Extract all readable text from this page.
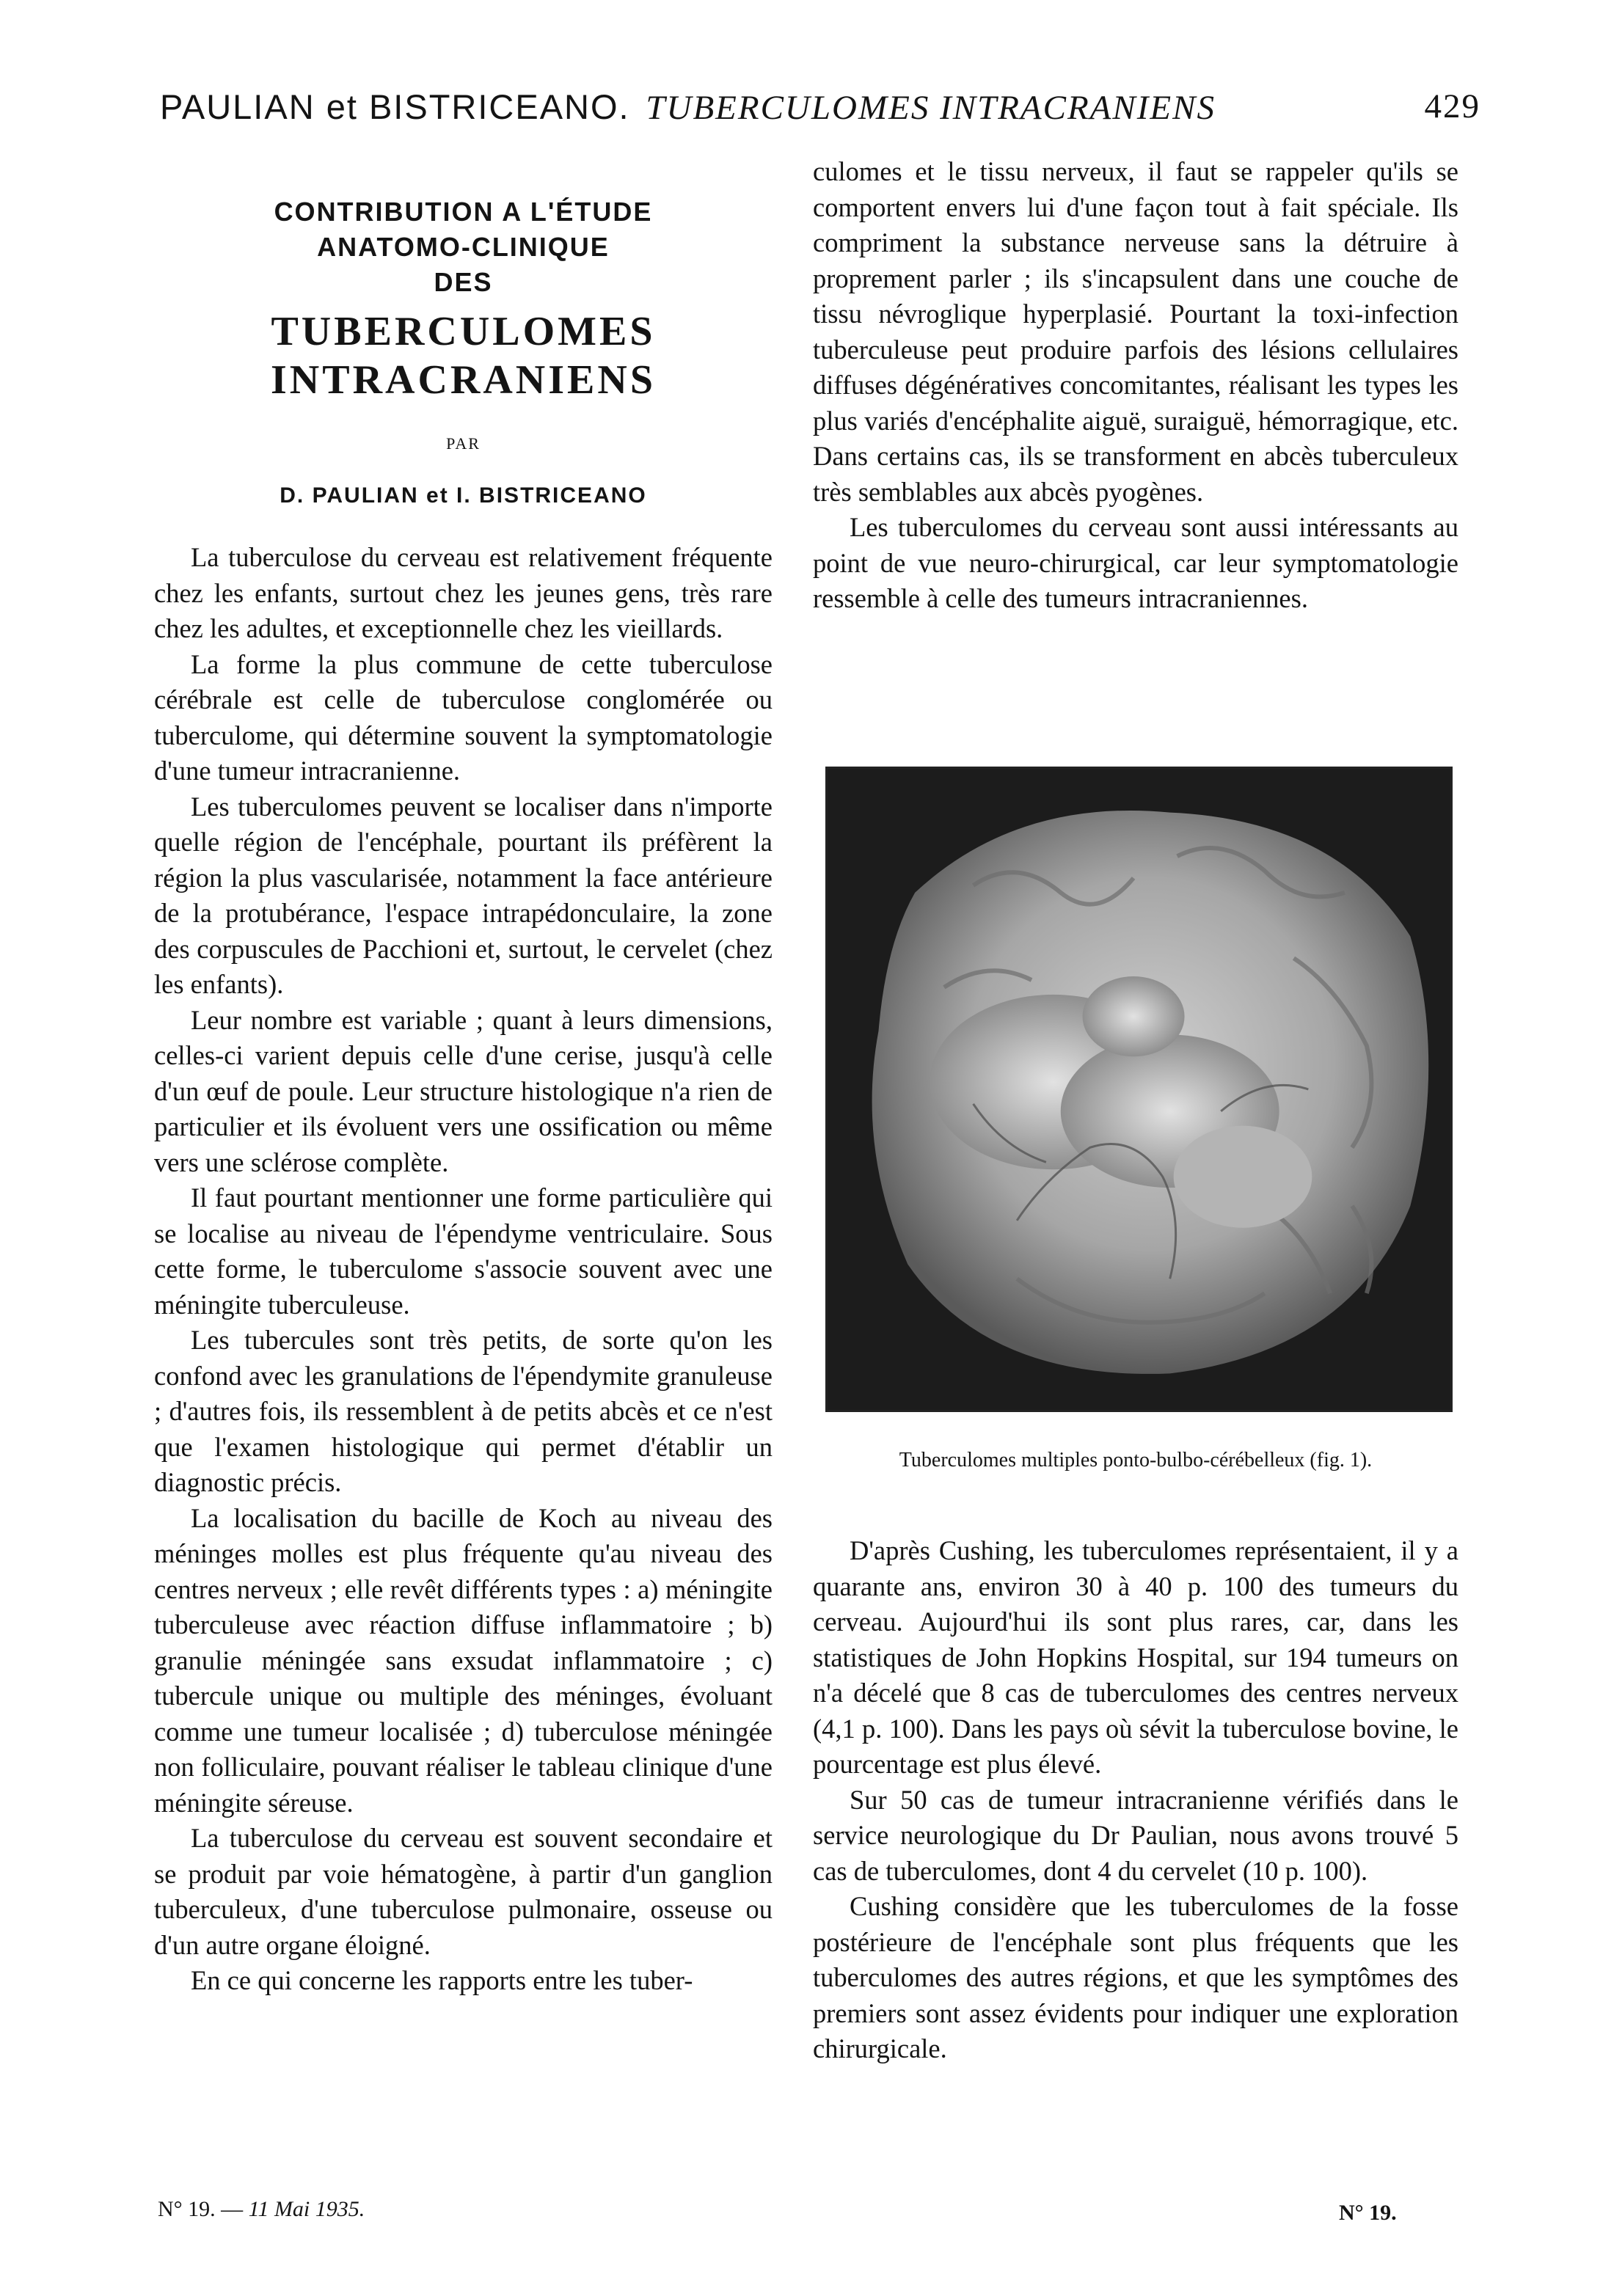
PAULIAN et BISTRICEANO. TUBERCULOMES INTRACRANIENS	429
CONTRIBUTION A L'ÉTUDE
ANATOMO-CLINIQUE
DES
TUBERCULOMES
INTRACRANIENS
PAR
D. PAULIAN et I. BISTRICEANO

La tuberculose du cerveau est relativement fréquente chez les enfants, surtout chez les jeunes gens, très rare chez les adultes, et exceptionnelle chez les vieillards.

La forme la plus commune de cette tuberculose cérébrale est celle de tuberculose conglomérée ou tuberculome, qui détermine souvent la symptomatologie d'une tumeur intracranienne.

Les tuberculomes peuvent se localiser dans n'importe quelle région de l'encéphale, pourtant ils préfèrent la région la plus vascularisée, notamment la face antérieure de la protubérance, l'espace intrapédonculaire, la zone des corpuscules de Pacchioni et, surtout, le cervelet (chez les enfants).

Leur nombre est variable ; quant à leurs dimensions, celles-ci varient depuis celle d'une cerise, jusqu'à celle d'un œuf de poule. Leur structure histologique n'a rien de particulier et ils évoluent vers une ossification ou même vers une sclérose complète.

Il faut pourtant mentionner une forme particulière qui se localise au niveau de l'épendyme ventriculaire. Sous cette forme, le tuberculome s'associe souvent avec une méningite tuberculeuse.

Les tubercules sont très petits, de sorte qu'on les confond avec les granulations de l'épendymite granuleuse ; d'autres fois, ils ressemblent à de petits abcès et ce n'est que l'examen histologique qui permet d'établir un diagnostic précis.

La localisation du bacille de Koch au niveau des méninges molles est plus fréquente qu'au niveau des centres nerveux ; elle revêt différents types : a) méningite tuberculeuse avec réaction diffuse inflammatoire ; b) granulie méningée sans exsudat inflammatoire ; c) tubercule unique ou multiple des méninges, évoluant comme une tumeur localisée ; d) tuberculose méningée non folliculaire, pouvant réaliser le tableau clinique d'une méningite séreuse.

La tuberculose du cerveau est souvent secondaire et se produit par voie hématogène, à partir d'un ganglion tuberculeux, d'une tuberculose pulmonaire, osseuse ou d'un autre organe éloigné.

En ce qui concerne les rapports entre les tuber-

culomes et le tissu nerveux, il faut se rappeler qu'ils se comportent envers lui d'une façon tout à fait spéciale. Ils compriment la substance nerveuse sans la détruire à proprement parler ; ils s'incapsulent dans une couche de tissu névroglique hyperplasié. Pourtant la toxi-infection tuberculeuse peut produire parfois des lésions cellulaires diffuses dégénératives concomitantes, réalisant les types les plus variés d'encéphalite aiguë, suraiguë, hémorragique, etc. Dans certains cas, ils se transforment en abcès tuberculeux très semblables aux abcès pyogènes.

Les tuberculomes du cerveau sont aussi intéressants au point de vue neuro-chirurgical, car leur symptomatologie ressemble à celle des tumeurs intracraniennes.

Tuberculomes multiples ponto-bulbo-cérébelleux (fig. 1).

D'après Cushing, les tuberculomes représentaient, il y a quarante ans, environ 30 à 40 p. 100 des tumeurs du cerveau. Aujourd'hui ils sont plus rares, car, dans les statistiques de John Hopkins Hospital, sur 194 tumeurs on n'a décelé que 8 cas de tuberculomes des centres nerveux (4,1 p. 100). Dans les pays où sévit la tuberculose bovine, le pourcentage est plus élevé.

Sur 50 cas de tumeur intracranienne vérifiés dans le service neurologique du Dr Paulian, nous avons trouvé 5 cas de tuberculomes, dont 4 du cervelet (10 p. 100).

Cushing considère que les tuberculomes de la fosse postérieure de l'encéphale sont plus fréquents que les tuberculomes des autres régions, et que les symptômes des premiers sont assez évidents pour indiquer une exploration chirurgicale.

N° 19. — 11 Mai 1935.	N° 19.
